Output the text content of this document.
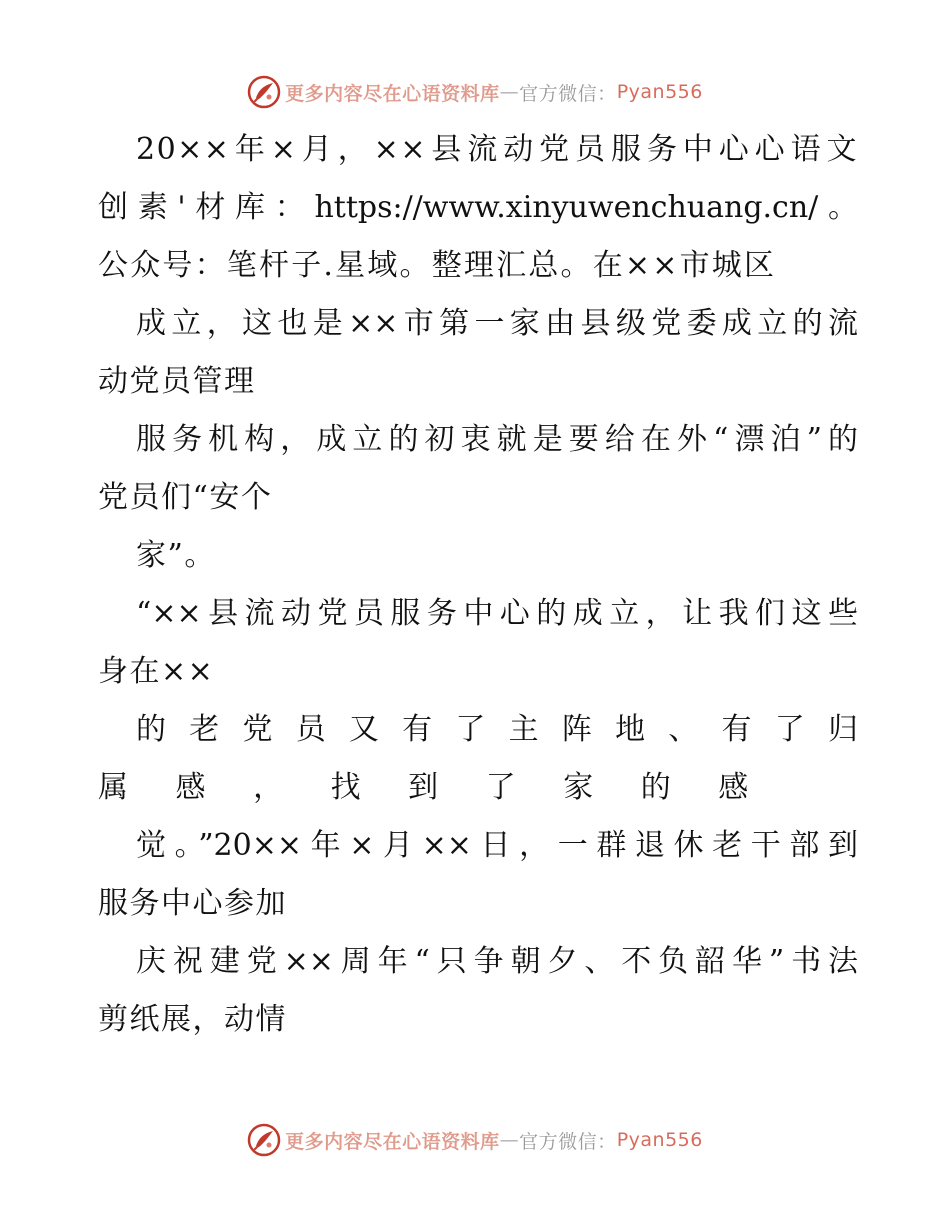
更多内容尽在心语资料库 — 官方微信： Pyan556
20××年×月，××县流动党员服务中心心语文
创素'材库：https://www.xinyuwenchuang.cn/。
公众号：笔杆子.星域。整理汇总。在××市城区
成立，这也是××市第一家由县级党委成立的流
动党员管理
服务机构，成立的初衷就是要给在外“漂泊”的
党员们“安个
家”。
“××县流动党员服务中心的成立，让我们这些
身在××
的 老 党 员 又 有 了 主 阵 地 、 有 了 归
属 感 ， 找 到 了 家 的 感
觉。”20××年×月××日，一群退休老干部到
服务中心参加
庆祝建党××周年“只争朝夕、不负韶华”书法
剪纸展，动情
更多内容尽在心语资料库 — 官方微信： Pyan556
